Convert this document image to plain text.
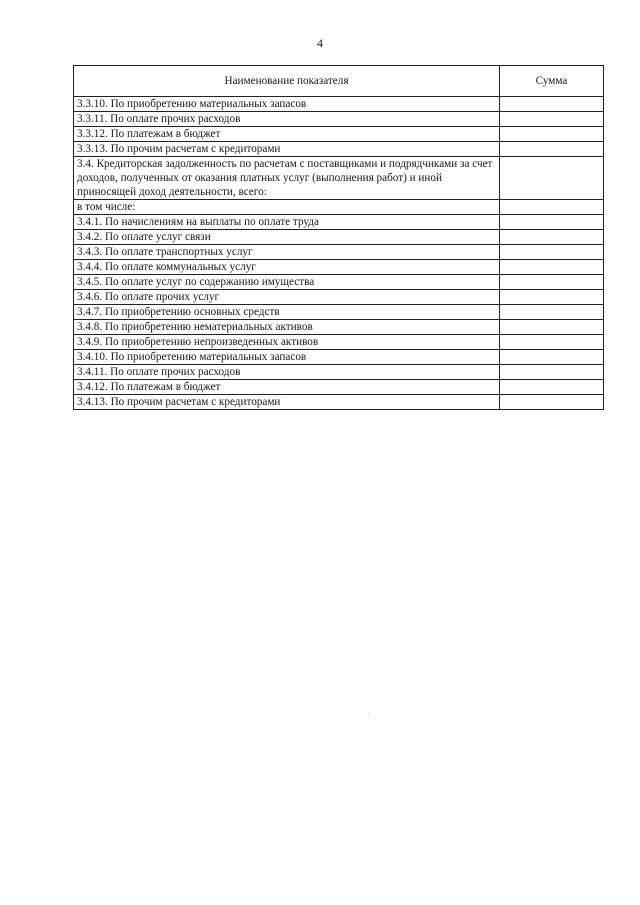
4
Наименование показателя	Сумма
3.3.10. По приобретению материальных запасов	
3.3.11. По оплате прочих расходов	
3.3.12. По платежам в бюджет	
3.3.13. По прочим расчетам с кредиторами	
3.4. Кредиторская задолженность по расчетам с поставщиками и подрядчиками за счет доходов, полученных от оказания платных услуг (выполнения работ) и иной приносящей доход деятельности, всего:	
в том числе:	
3.4.1. По начислениям на выплаты по оплате труда	
3.4.2. По оплате услуг связи	
3.4.3. По оплате транспортных услуг	
3.4.4. По оплате коммунальных услуг	
3.4.5. По оплате услуг по содержанию имущества	
3.4.6. По оплате прочих услуг	
3.4.7. По приобретению основных средств	
3.4.8. По приобретению нематериальных активов	
3.4.9. По приобретению непроизведенных активов	
3.4.10. По приобретению материальных запасов	
3.4.11. По оплате прочих расходов	
3.4.12. По платежам в бюджет	
3.4.13. По прочим расчетам с кредиторами	
